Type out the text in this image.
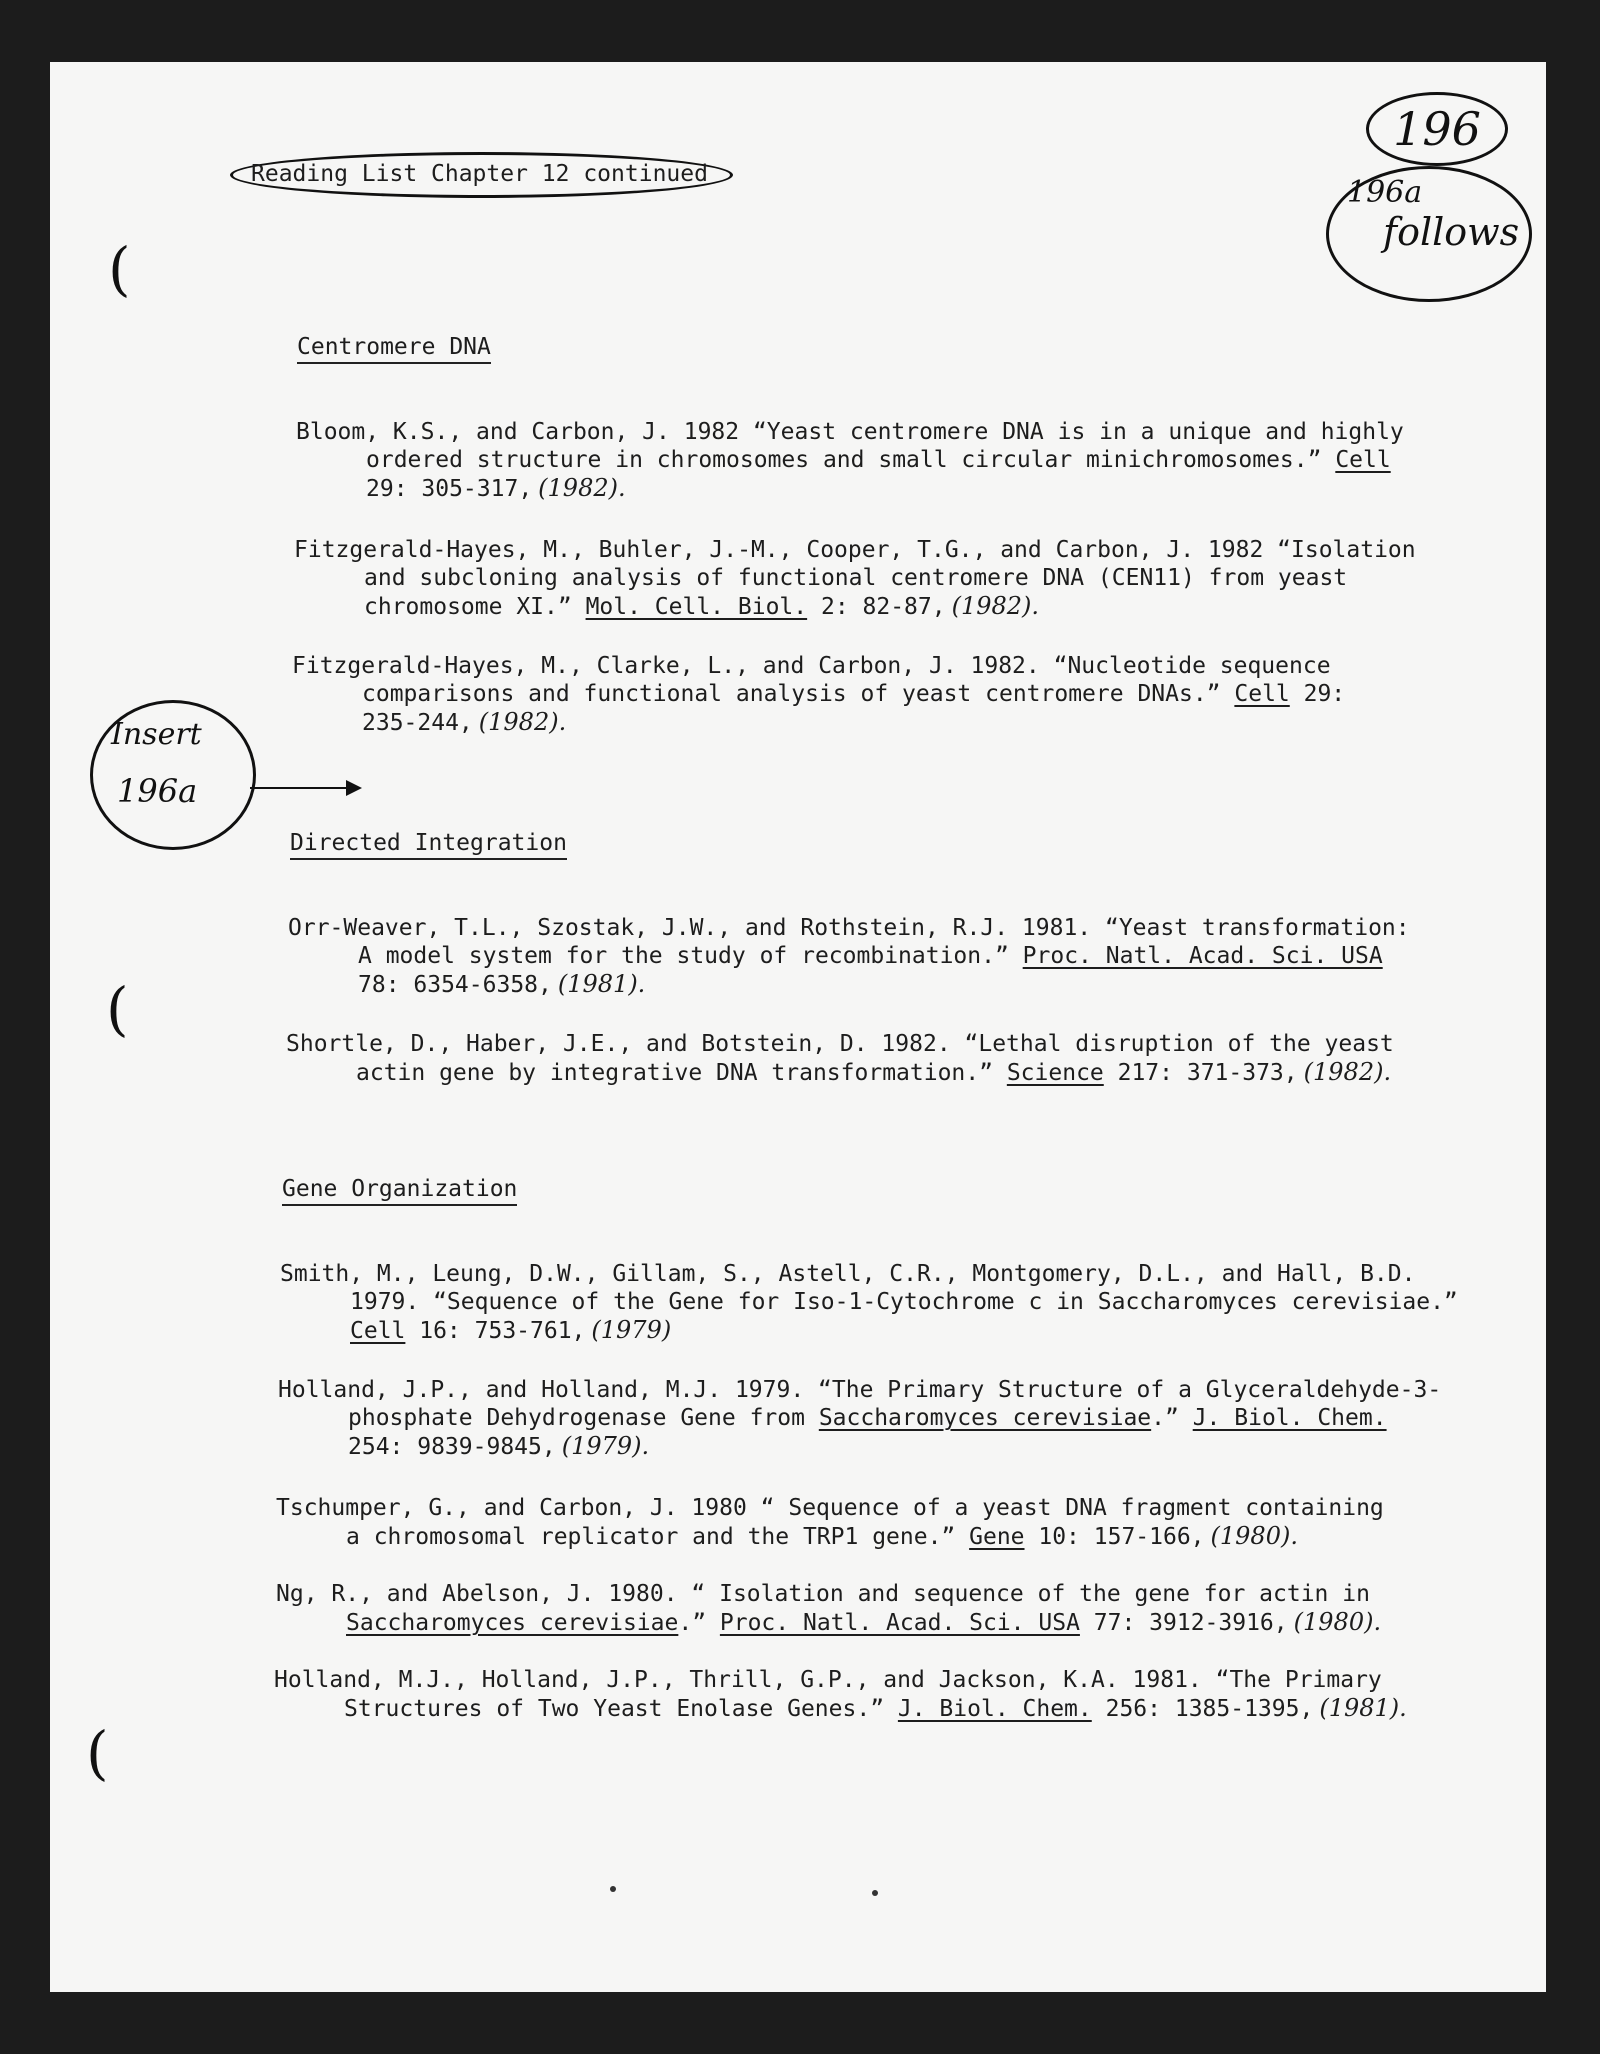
(
(
(
196
196a
follows
Insert
196a
Reading List Chapter 12 continued
Centromere DNA
Bloom, K.S., and Carbon, J. 1982 “Yeast centromere DNA is in a unique and highly
ordered structure in chromosomes and small circular minichromosomes.” Cell
29: 305-317, (1982).
Fitzgerald-Hayes, M., Buhler, J.-M., Cooper, T.G., and Carbon, J. 1982 “Isolation
and subcloning analysis of functional centromere DNA (CEN11) from yeast
chromosome XI.” Mol. Cell. Biol. 2: 82-87, (1982).
Fitzgerald-Hayes, M., Clarke, L., and Carbon, J. 1982. “Nucleotide sequence
comparisons and functional analysis of yeast centromere DNAs.” Cell 29:
235-244, (1982).
Directed Integration
Orr-Weaver, T.L., Szostak, J.W., and Rothstein, R.J. 1981. “Yeast transformation:
A model system for the study of recombination.” Proc. Natl. Acad. Sci. USA
78: 6354-6358, (1981).
Shortle, D., Haber, J.E., and Botstein, D. 1982. “Lethal disruption of the yeast
actin gene by integrative DNA transformation.” Science 217: 371-373, (1982).
Gene Organization
Smith, M., Leung, D.W., Gillam, S., Astell, C.R., Montgomery, D.L., and Hall, B.D.
1979. “Sequence of the Gene for Iso-1-Cytochrome c in Saccharomyces cerevisiae.”
Cell 16: 753-761, (1979)
Holland, J.P., and Holland, M.J. 1979. “The Primary Structure of a Glyceraldehyde-3-
phosphate Dehydrogenase Gene from Saccharomyces cerevisiae.” J. Biol. Chem.
254: 9839-9845, (1979).
Tschumper, G., and Carbon, J. 1980 “ Sequence of a yeast DNA fragment containing
a chromosomal replicator and the TRP1 gene.” Gene 10: 157-166, (1980).
Ng, R., and Abelson, J. 1980. “ Isolation and sequence of the gene for actin in
Saccharomyces cerevisiae.” Proc. Natl. Acad. Sci. USA 77: 3912-3916, (1980).
Holland, M.J., Holland, J.P., Thrill, G.P., and Jackson, K.A. 1981. “The Primary
Structures of Two Yeast Enolase Genes.” J. Biol. Chem. 256: 1385-1395, (1981).
